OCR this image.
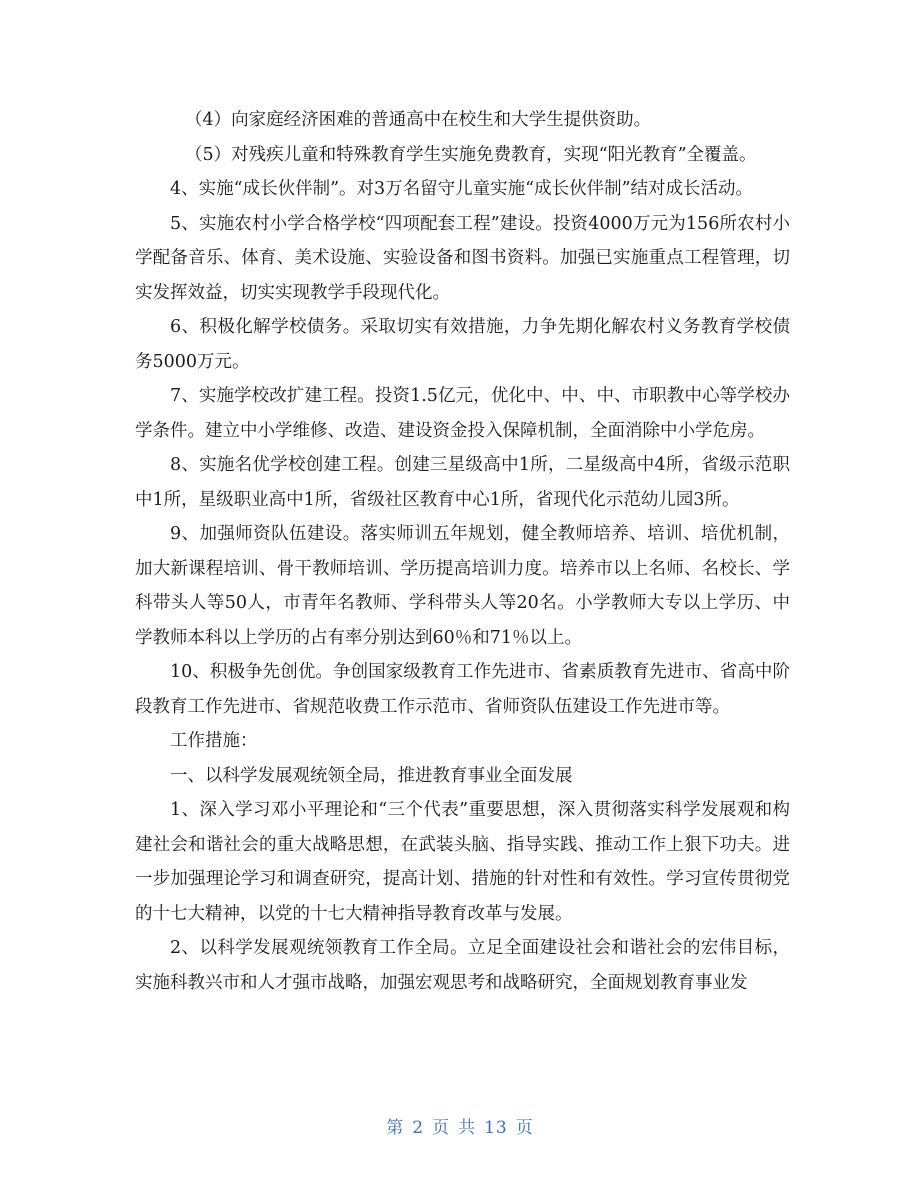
（4）向家庭经济困难的普通高中在校生和大学生提供资助。

（5）对残疾儿童和特殊教育学生实施免费教育，实现“阳光教育”全覆盖。

4、实施“成长伙伴制”。对3万名留守儿童实施“成长伙伴制”结对成长活动。

5、实施农村小学合格学校“四项配套工程”建设。投资4000万元为156所农村小学配备音乐、体育、美术设施、实验设备和图书资料。加强已实施重点工程管理，切实发挥效益，切实实现教学手段现代化。

6、积极化解学校债务。采取切实有效措施，力争先期化解农村义务教育学校债务5000万元。

7、实施学校改扩建工程。投资1.5亿元，优化中、中、中、市职教中心等学校办学条件。建立中小学维修、改造、建设资金投入保障机制，全面消除中小学危房。

8、实施名优学校创建工程。创建三星级高中1所，二星级高中4所，省级示范职中1所，星级职业高中1所，省级社区教育中心1所，省现代化示范幼儿园3所。

9、加强师资队伍建设。落实师训五年规划，健全教师培养、培训、培优机制，加大新课程培训、骨干教师培训、学历提高培训力度。培养市以上名师、名校长、学科带头人等50人，市青年名教师、学科带头人等20名。小学教师大专以上学历、中学教师本科以上学历的占有率分别达到60％和71％以上。

10、积极争先创优。争创国家级教育工作先进市、省素质教育先进市、省高中阶段教育工作先进市、省规范收费工作示范市、省师资队伍建设工作先进市等。

工作措施：

一、以科学发展观统领全局，推进教育事业全面发展

1、深入学习邓小平理论和“三个代表”重要思想，深入贯彻落实科学发展观和构建社会和谐社会的重大战略思想，在武装头脑、指导实践、推动工作上狠下功夫。进一步加强理论学习和调查研究，提高计划、措施的针对性和有效性。学习宣传贯彻党的十七大精神，以党的十七大精神指导教育改革与发展。

2、以科学发展观统领教育工作全局。立足全面建设社会和谐社会的宏伟目标，实施科教兴市和人才强市战略，加强宏观思考和战略研究，全面规划教育事业发

第 2 页 共 13 页
